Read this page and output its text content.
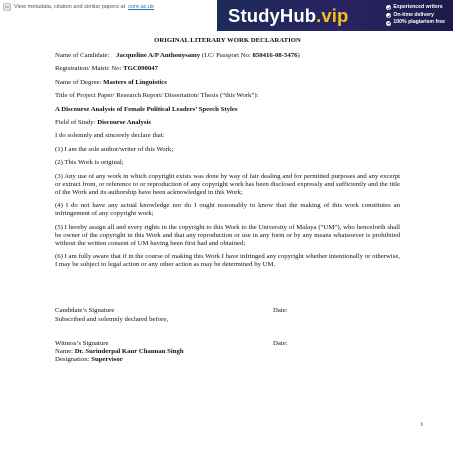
View metadata, citation and similar papers at core.ac.uk	StudyHub.vip	Experienced writers
On-time delivery
100% plagiarism free

ORIGINAL LITERARY WORK DECLARATION

Name of Candidate: Jacqueline A/P Anthonysamy (I.C/ Passport No: 850416-08-5476)

Registration/ Matric No: TGC090047

Name of Degree: Masters of Linguistics

Title of Project Paper/ Research Report/ Dissertation/ Thesis (“this Work”):

A Discourse Analysis of Female Political Leaders’ Speech Styles

Field of Study: Discourse Analysis

I do solemnly and sincerely declare that:

(1) I am the sole author/writer of this Work;

(2) This Work is original;

(3) Any use of any work in which copyright exists was done by way of fair dealing and for permitted purposes and any excerpt or extract from, or reference to or reproduction of any copyright work has been disclosed expressly and sufficiently and the title of the Work and its authorship have been acknowledged in this Work;

(4) I do not have any actual knowledge nor do I ought reasonably to know that the making of this work constitutes an infringement of any copyright work;

(5) I hereby assign all and every rights in the copyright to this Work to the University of Malaya (“UM”), who henceforth shall be owner of the copyright in this Work and that any reproduction or use in any form or by any means whatsoever is prohibited without the written consent of UM having been first had and obtained;

(6) I am fully aware that if in the course of making this Work I have infringed any copyright whether intentionally or otherwise, I may be subject to legal action or any other action as may be determined by UM.

Candidate’s Signature	Date:

Subscribed and solemnly declared before,

Witness’s Signature	Date:

Name: Dr. Surinderpal Kaur Channan Singh

Designation: Supervisor

i
